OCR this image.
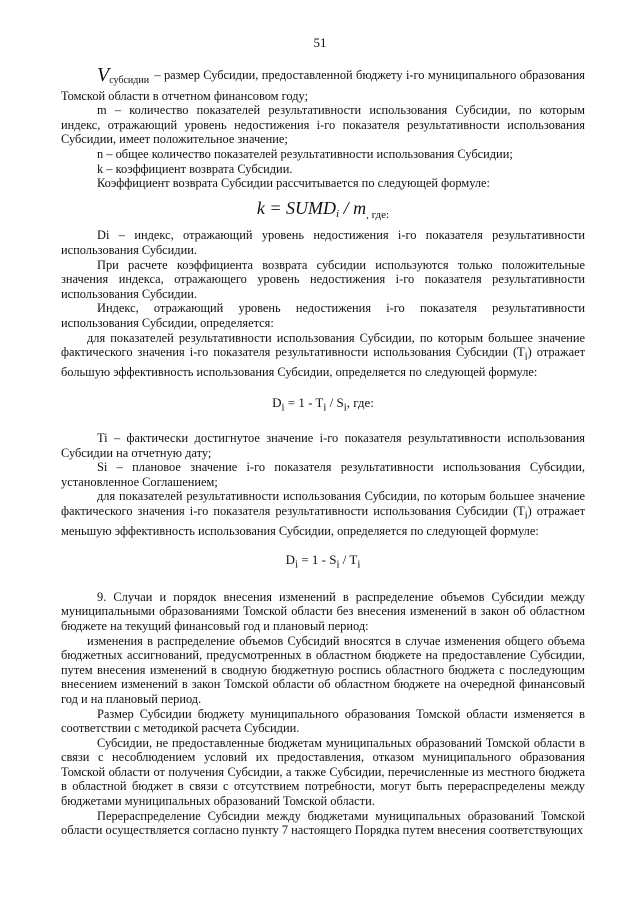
51

$V_{субсидии}$ – размер Субсидии, предоставленной бюджету i-го муниципального образования Томской области в отчетном финансовом году;

m – количество показателей результативности использования Субсидии, по которым индекс, отражающий уровень недостижения i-го показателя результативности использования Субсидии, имеет положительное значение;

n – общее количество показателей результативности использования Субсидии;

k – коэффициент возврата Субсидии.

Коэффициент возврата Субсидии рассчитывается по следующей формуле:

k = SUMDi / m, где:

Di – индекс, отражающий уровень недостижения i-го показателя результативности использования Субсидии.

При расчете коэффициента возврата субсидии используются только положительные значения индекса, отражающего уровень недостижения i-го показателя результативности использования Субсидии.

Индекс, отражающий уровень недостижения i-го показателя результативности использования Субсидии, определяется:

для показателей результативности использования Субсидии, по которым большее значение фактического значения i-го показателя результативности использования Субсидии $(T_i)$ отражает большую эффективность использования Субсидии, определяется по следующей формуле:

$D_i = 1 - T_i / S_i$, где:

Ti – фактически достигнутое значение i-го показателя результативности использования Субсидии на отчетную дату;

Si – плановое значение i-го показателя результативности использования Субсидии, установленное Соглашением;

для показателей результативности использования Субсидии, по которым большее значение фактического значения i-го показателя результативности использования Субсидии $(T_i)$ отражает меньшую эффективность использования Субсидии, определяется по следующей формуле:

$D_i = 1 - S_i / T_i$

9. Случаи и порядок внесения изменений в распределение объемов Субсидии между муниципальными образованиями Томской области без внесения изменений в закон об областном бюджете на текущий финансовый год и плановый период:

изменения в распределение объемов Субсидий вносятся в случае изменения общего объема бюджетных ассигнований, предусмотренных в областном бюджете на предоставление Субсидии, путем внесения изменений в сводную бюджетную роспись областного бюджета с последующим внесением изменений в закон Томской области об областном бюджете на очередной финансовый год и на плановый период.

Размер Субсидии бюджету муниципального образования Томской области изменяется в соответствии с методикой расчета Субсидии.

Субсидии, не предоставленные бюджетам муниципальных образований Томской области в связи с несоблюдением условий их предоставления, отказом муниципального образования Томской области от получения Субсидии, а также Субсидии, перечисленные из местного бюджета в областной бюджет в связи с отсутствием потребности, могут быть перераспределены между бюджетами муниципальных образований Томской области.

Перераспределение Субсидии между бюджетами муниципальных образований Томской области осуществляется согласно пункту 7 настоящего Порядка путем внесения соответствующих
